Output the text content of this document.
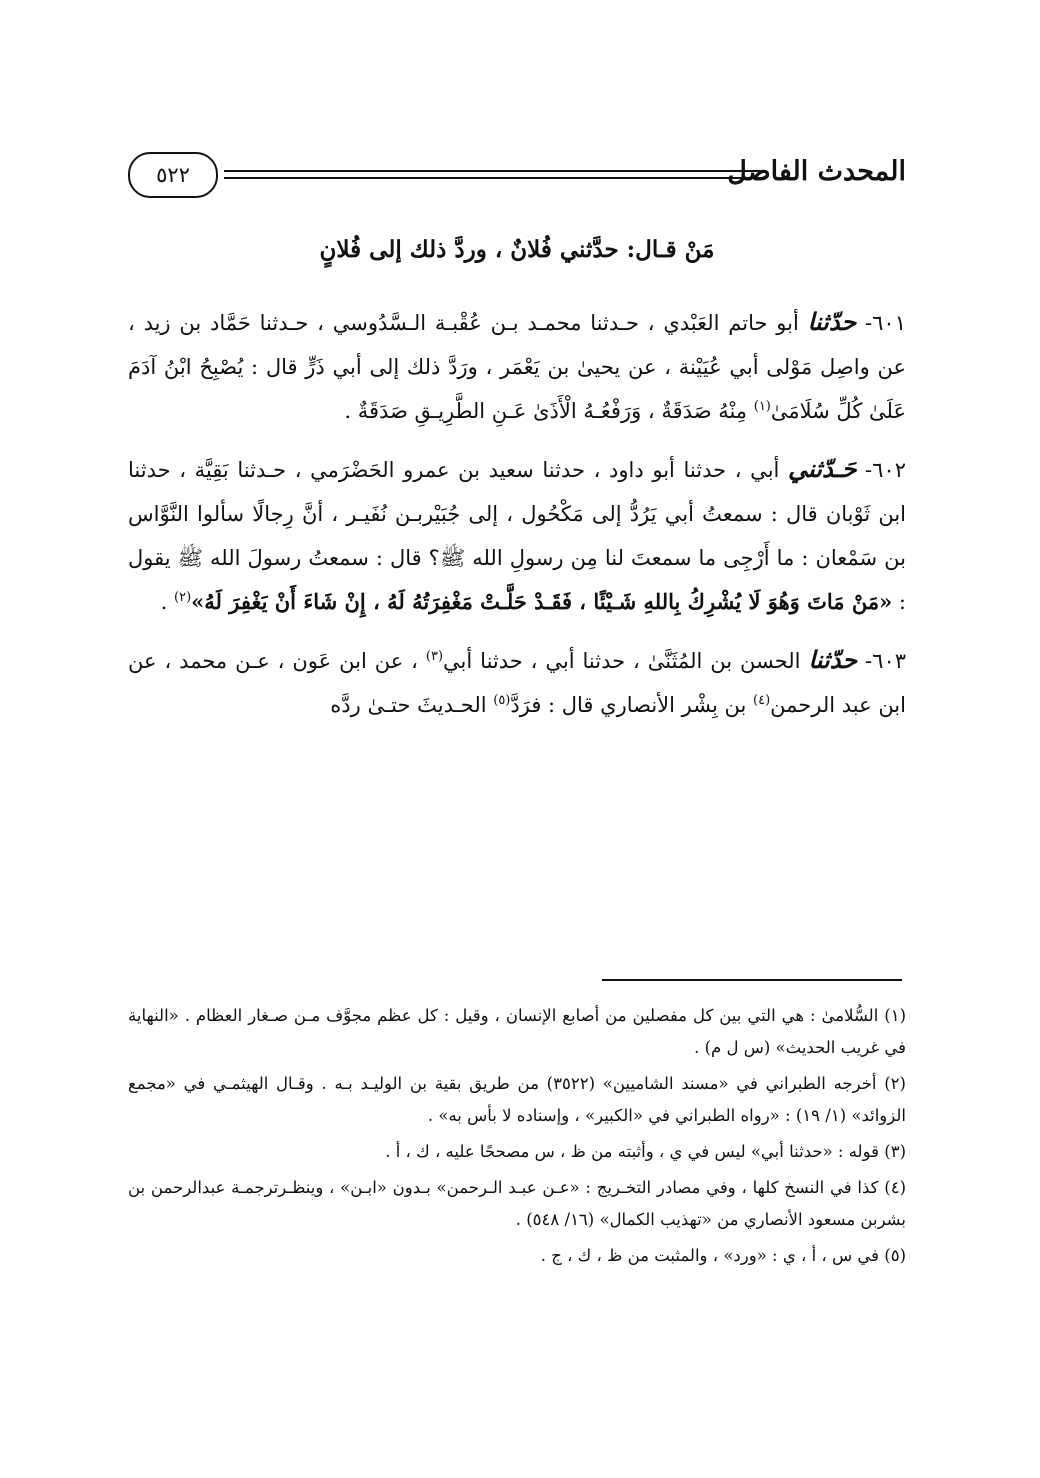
المحدث الفاصل
٥٢٢
مَنْ قـال: حدَّثني فُلانٌ ، وردَّ ذلك إلى فُلانٍ

٦٠١- حدّثنا أبو حاتم العَبْدي ، حـدثنا محمـد بـن عُقْبـة الـسَّدُوسي ، حـدثنا حَمَّاد بن زيد ، عن واصِل مَوْلى أبي عُيَيْنة ، عن يحيىٰ بن يَعْمَر ، ورَدَّ ذلك إلى أبي ذَرٍّ قال : يُصْبِحُ ابْنُ آدَمَ عَلَىٰ كُلِّ سُلَامَىٰ$^{(١)}$ مِنْهُ صَدَقَةٌ ، وَرَفْعُـهُ الْأَذَىٰ عَـنِ الطَّرِيـقِ صَدَقَةٌ .

٦٠٢- حَـدّثني أبي ، حدثنا أبو داود ، حدثنا سعيد بن عمرو الحَضْرَمي ، حـدثنا بَقِيَّة ، حدثنا ابن ثَوْبان قال : سمعتُ أبي يَرُدُّ إلى مَكْحُول ، إلى جُبَيْربـن نُفَيـر ، أنَّ رِجالًا سألوا النَّوَّاس بن سَمْعان : ما أَرْجِى ما سمعتَ لنا مِن رسولِ الله ﷺ؟ قال : سمعتُ رسولَ الله ﷺ يقول : «مَنْ مَاتَ وَهُوَ لَا يُشْرِكُ بِاللهِ شَـيْئًا ، فَقَـدْ حَلَّـتْ مَغْفِرَتُهُ لَهُ ، إِنْ شَاءَ أَنْ يَغْفِرَ لَهُ»$^{(٢)}$ .

٦٠٣- حدّثنا الحسن بن المُثَنَّىٰ ، حدثنا أبي ، حدثنا أبي$^{(٣)}$ ، عن ابن عَون ، عـن محمد ، عن ابن عبد الرحمن$^{(٤)}$ بن بِشْر الأنصاري قال : فرَدَّ$^{(٥)}$ الحـديثَ حتـىٰ ردَّه

(١) السُّلامىٰ : هي التي بين كل مفصلين من أصابع الإنسان ، وقيل : كل عظم مجوَّف مـن صـغار العظام . «النهاية في غريب الحديث» (س ل م) .

(٢) أخرجه الطبراني في «مسند الشاميين» (٣٥٢٢) من طريق بقية بن الوليـد بـه . وقـال الهيثمـي في «مجمع الزوائد» (١/ ١٩) : «رواه الطبراني في «الكبير» ، وإسناده لا بأس به» .

(٣) قوله : «حدثنا أبي» ليس في ي ، وأثبته من ظ ، س مصححًا عليه ، ك ، أ .

(٤) كذا في النسخ كلها ، وفي مصادر التخـريج : «عـن عبـد الـرحمن» بـدون «ابـن» ، وينظـرترجمـة عبدالرحمن بن بشربن مسعود الأنصاري من «تهذيب الكمال» (١٦/ ٥٤٨) .

(٥) في س ، أ ، ي : «ورد» ، والمثبت من ظ ، ك ، ج .
